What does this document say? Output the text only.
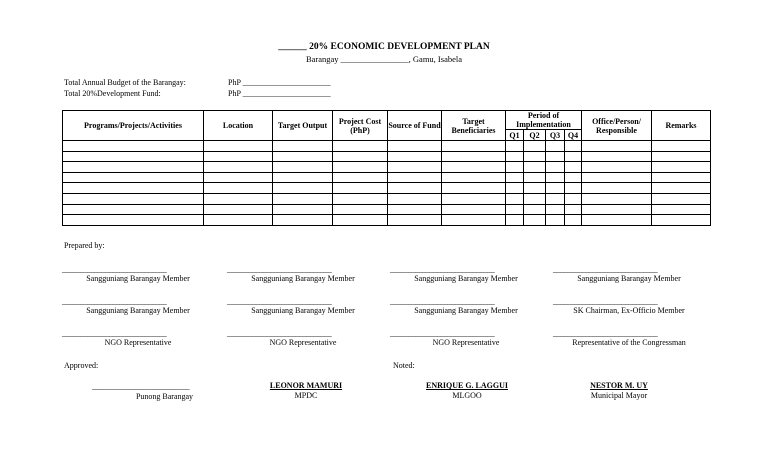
______ 20% ECONOMIC DEVELOPMENT PLAN
Barangay ________________, Gamu, Isabela
Total Annual Budget of the Barangay:	PhP ______________________
Total 20%Development Fund:	PhP ______________________
Programs/Projects/Activities	Location	Target Output	Project Cost (PhP)	Source of Fund	Target Beneficiaries	Period of Implementation				Office/Person/ Responsible	Remarks
						Q1	Q2	Q3	Q4		

Prepared by:
_____________________________
Sangguniang Barangay Member
_____________________________
Sangguniang Barangay Member
_____________________________
Sangguniang Barangay Member
_____________________________
Sangguniang Barangay Member
_____________________________
Sangguniang Barangay Member
_____________________________
Sangguniang Barangay Member
_____________________________
Sangguniang Barangay Member
_____________________________
SK Chairman, Ex-Officio Member
_____________________________
NGO Representative
_____________________________
NGO Representative
_____________________________
NGO Representative
_____________________________
Representative of the Congressman
Approved:	Noted:
___________________________
Punong Barangay
LEONOR MAMURI
MPDC
ENRIQUE G. LAGGUI
MLGOO
NESTOR M. UY
Municipal Mayor
